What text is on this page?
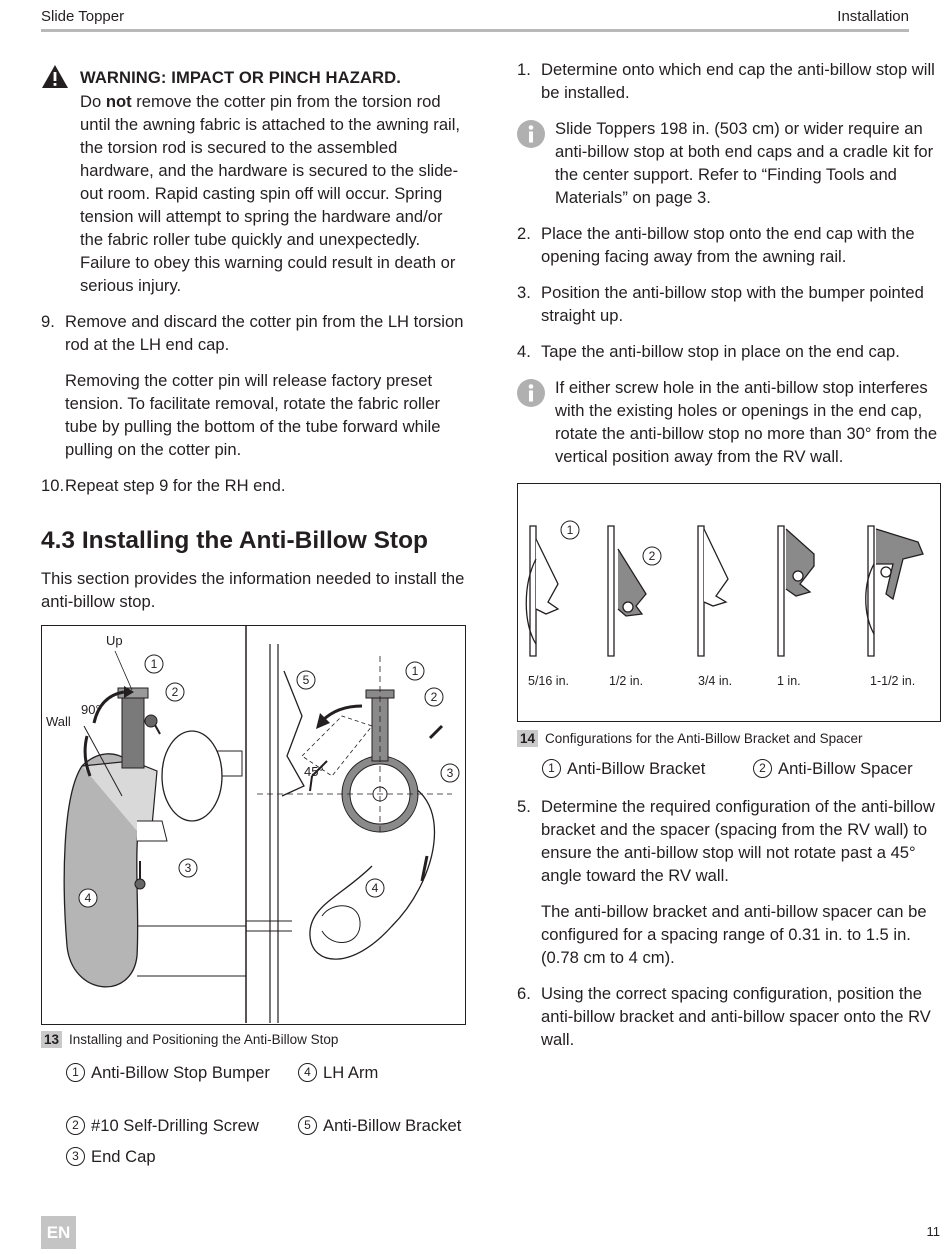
Slide Topper	Installation
WARNING: IMPACT OR PINCH HAZARD.
Do not remove the cotter pin from the torsion rod until the awning fabric is attached to the awning rail, the torsion rod is secured to the assembled hardware, and the hardware is secured to the slide-out room. Rapid casting spin off will occur. Spring tension will attempt to spring the hardware and/or the fabric roller tube quickly and unexpectedly. Failure to obey this warning could result in death or serious injury.
9. Remove and discard the cotter pin from the LH torsion rod at the LH end cap.
Removing the cotter pin will release factory preset tension. To facilitate removal, rotate the fabric roller tube by pulling the bottom of the tube forward while pulling on the cotter pin.
10. Repeat step 9 for the RH end.
4.3 Installing the Anti-Billow Stop
This section provides the information needed to install the anti-billow stop.
Up
90°
Wall
1
2
3
4
45°
5
1
2
3
4
13 Installing and Positioning the Anti-Billow Stop
1 Anti-Billow Stop Bumper
2 #10 Self-Drilling Screw
3 End Cap
4 LH Arm
5 Anti-Billow Bracket
1. Determine onto which end cap the anti-billow stop will be installed.
Slide Toppers 198 in. (503 cm) or wider require an anti-billow stop at both end caps and a cradle kit for the center support. Refer to “Finding Tools and Materials” on page 3.
2. Place the anti-billow stop onto the end cap with the opening facing away from the awning rail.
3. Position the anti-billow stop with the bumper pointed straight up.
4. Tape the anti-billow stop in place on the end cap.
If either screw hole in the anti-billow stop interferes with the existing holes or openings in the end cap, rotate the anti-billow stop no more than 30° from the vertical position away from the RV wall.
1
2
5/16 in.	1/2 in.	3/4 in.	1 in.	1-1/2 in.
14 Configurations for the Anti-Billow Bracket and Spacer
1 Anti-Billow Bracket	2 Anti-Billow Spacer
5. Determine the required configuration of the anti-billow bracket and the spacer (spacing from the RV wall) to ensure the anti-billow stop will not rotate past a 45° angle toward the RV wall.
The anti-billow bracket and anti-billow spacer can be configured for a spacing range of 0.31 in. to 1.5 in. (0.78 cm to 4 cm).
6. Using the correct spacing configuration, position the anti-billow bracket and anti-billow spacer onto the RV wall.
EN	11
